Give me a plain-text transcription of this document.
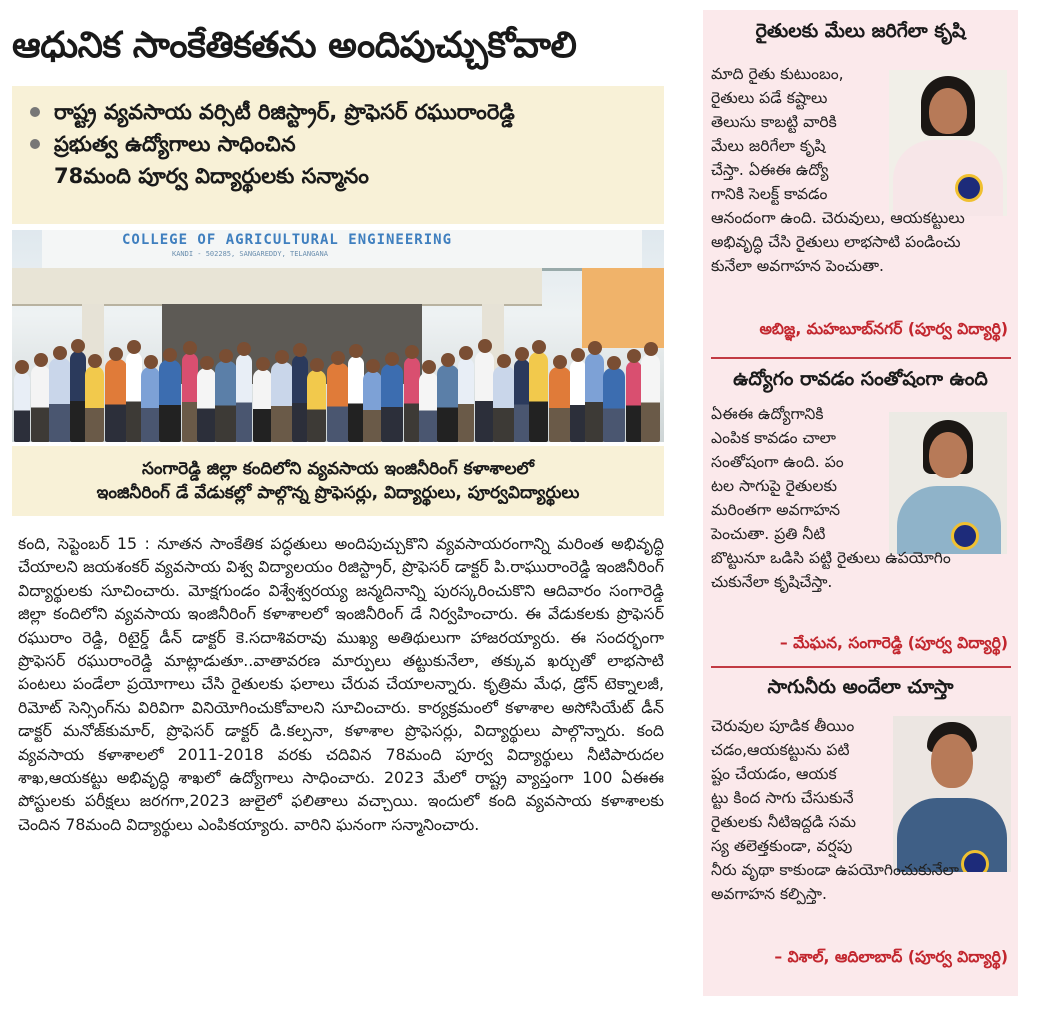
ఆధునిక సాంకేతికతను అందిపుచ్చుకోవాలి
రాష్ట్ర వ్యవసాయ వర్సిటీ రిజిస్ట్రార్, ప్రొఫెసర్ రఘురాంరెడ్డి
ప్రభుత్వ ఉద్యోగాలు సాధించిన
78మంది పూర్వ విద్యార్థులకు సన్మానం
COLLEGE OF AGRICULTURAL ENGINEERING
KANDI - 502285, SANGAREDDY, TELANGANA
సంగారెడ్డి జిల్లా కందిలోని వ్యవసాయ ఇంజినీరింగ్ కళాశాలలో
ఇంజినీరింగ్ డే వేడుకల్లో పాల్గొన్న ప్రొఫెసర్లు, విద్యార్థులు, పూర్వవిద్యార్థులు

కంది, సెప్టెంబర్ 15 : నూతన సాంకేతిక పద్ధతులు అందిపుచ్చుకొని వ్యవసాయరంగాన్ని మరింత అభివృద్ధి చేయాలని జయశంకర్ వ్యవసాయ విశ్వ విద్యాలయం రిజిస్ట్రార్, ప్రొఫెసర్ డాక్టర్ పి.రాఘురాంరెడ్డి ఇంజినీరింగ్ విద్యార్థులకు సూచించారు. మోక్షగుండం విశ్వేశ్వరయ్య జన్మదినాన్ని పురస్కరించుకొని ఆదివారం సంగారెడ్డి జిల్లా కందిలోని వ్యవసాయ ఇంజినీరింగ్ కళాశాలలో ఇంజినీరింగ్ డే నిర్వహించారు. ఈ వేడుకలకు ప్రొఫెసర్ రఘురాం రెడ్డి, రిటైర్డ్ డీన్ డాక్టర్ కె.సదాశివరావు ముఖ్య అతిథులుగా హాజరయ్యారు. ఈ సందర్భంగా ప్రొఫెసర్ రఘురాంరెడ్డి మాట్లాడుతూ..వాతావరణ మార్పులు తట్టుకునేలా, తక్కువ ఖర్చుతో లాభసాటి పంటలు పండేలా ప్రయోగాలు చేసి రైతులకు ఫలాలు చేరువ చేయాలన్నారు. కృత్రిమ మేధ, డ్రోన్ టెక్నాలజీ, రిమోట్ సెన్సింగ్‌ను విరివిగా వినియోగించుకోవాలని సూచించారు. కార్యక్రమంలో కళాశాల అసోసియేట్ డీన్ డాక్టర్ మనోజ్‌కుమార్, ప్రొఫెసర్ డాక్టర్ డి.కల్పనా, కళాశాల ప్రొఫెసర్లు, విద్యార్థులు పాల్గొన్నారు. కంది వ్యవసాయ కళాశాలలో 2011-2018 వరకు చదివిన 78మంది పూర్వ విద్యార్థులు నీటిపారుదల శాఖ,ఆయకట్టు అభివృద్ధి శాఖలో ఉద్యోగాలు సాధించారు. 2023 మేలో రాష్ట్ర వ్యాప్తంగా 100 ఏఈఈ పోస్టులకు పరీక్షలు జరగగా,2023 జులైలో ఫలితాలు వచ్చాయి. ఇందులో కంది వ్యవసాయ కళాశాలకు చెందిన 78మంది విద్యార్థులు ఎంపికయ్యారు. వారిని ఘనంగా సన్మానించారు.

రైతులకు మేలు జరిగేలా కృషి
మాది రైతు కుటుంబం,
రైతులు పడే కష్టాలు
తెలుసు కాబట్టి వారికి
మేలు జరిగేలా కృషి
చేస్తా. ఏఈఈ ఉద్యో
గానికి సెలక్ట్ కావడం
ఆనందంగా ఉంది. చెరువులు, ఆయకట్టులు
అభివృద్ధి చేసి రైతులు లాభసాటి పండించు
కునేలా అవగాహన పెంచుతా.
అబిజ్ఞ, మహబూబ్‌నగర్ (పూర్వ విద్యార్థి)
ఉద్యోగం రావడం సంతోషంగా ఉంది
ఏఈఈ ఉద్యోగానికి
ఎంపిక కావడం చాలా
సంతోషంగా ఉంది. పం
టల సాగుపై రైతులకు
మరింతగా అవగాహన
పెంచుతా. ప్రతి నీటి
బొట్టునూ ఒడిసి పట్టి రైతులు ఉపయోగిం
చుకునేలా కృషిచేస్తా.
– మేఘన, సంగారెడ్డి (పూర్వ విద్యార్థి)
సాగునీరు అందేలా చూస్తా
చెరువుల పూడిక తీయిం
చడం,ఆయకట్టును పటి
ష్టం చేయడం, ఆయక
ట్టు కింద సాగు చేసుకునే
రైతులకు నీటిఇద్దడి సమ
స్య తలెత్తకుండా, వర్షపు
నీరు వృథా కాకుండా ఉపయోగించుకునేలా
అవగాహన కల్పిస్తా.
– విశాల్, ఆదిలాబాద్ (పూర్వ విద్యార్థి)
